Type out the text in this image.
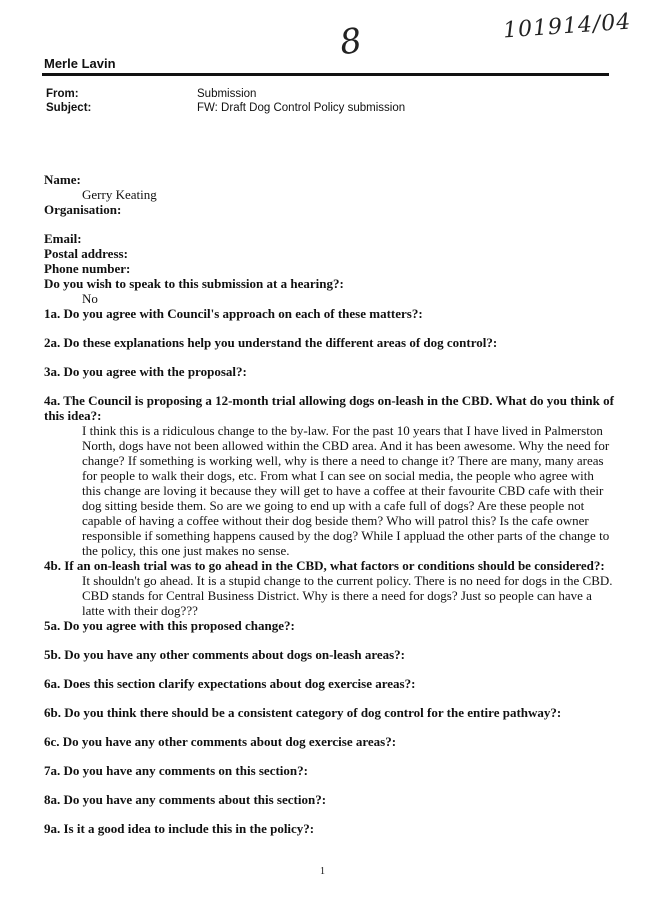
8	101914/04
Merle Lavin
From:	Submission
Subject:	FW: Draft Dog Control Policy submission
Name:
Gerry Keating
Organisation:
Email:
Postal address:
Phone number:
Do you wish to speak to this submission at a hearing?:
No
1a. Do you agree with Council's approach on each of these matters?:
2a. Do these explanations help you understand the different areas of dog control?:
3a. Do you agree with the proposal?:
4a. The Council is proposing a 12-month trial allowing dogs on-leash in the CBD. What do you think of this idea?:
I think this is a ridiculous change to the by-law. For the past 10 years that I have lived in Palmerston North, dogs have not been allowed within the CBD area. And it has been awesome. Why the need for change? If something is working well, why is there a need to change it? There are many, many areas for people to walk their dogs, etc. From what I can see on social media, the people who agree with this change are loving it because they will get to have a coffee at their favourite CBD cafe with their dog sitting beside them. So are we going to end up with a cafe full of dogs? Are these people not capable of having a coffee without their dog beside them? Who will patrol this? Is the cafe owner responsible if something happens caused by the dog? While I appluad the other parts of the change to the policy, this one just makes no sense.
4b. If an on-leash trial was to go ahead in the CBD, what factors or conditions should be considered?:
It shouldn't go ahead. It is a stupid change to the current policy. There is no need for dogs in the CBD. CBD stands for Central Business District. Why is there a need for dogs? Just so people can have a latte with their dog???
5a. Do you agree with this proposed change?:
5b. Do you have any other comments about dogs on-leash areas?:
6a. Does this section clarify expectations about dog exercise areas?:
6b. Do you think there should be a consistent category of dog control for the entire pathway?:
6c. Do you have any other comments about dog exercise areas?:
7a. Do you have any comments on this section?:
8a. Do you have any comments about this section?:
9a. Is it a good idea to include this in the policy?:
1
